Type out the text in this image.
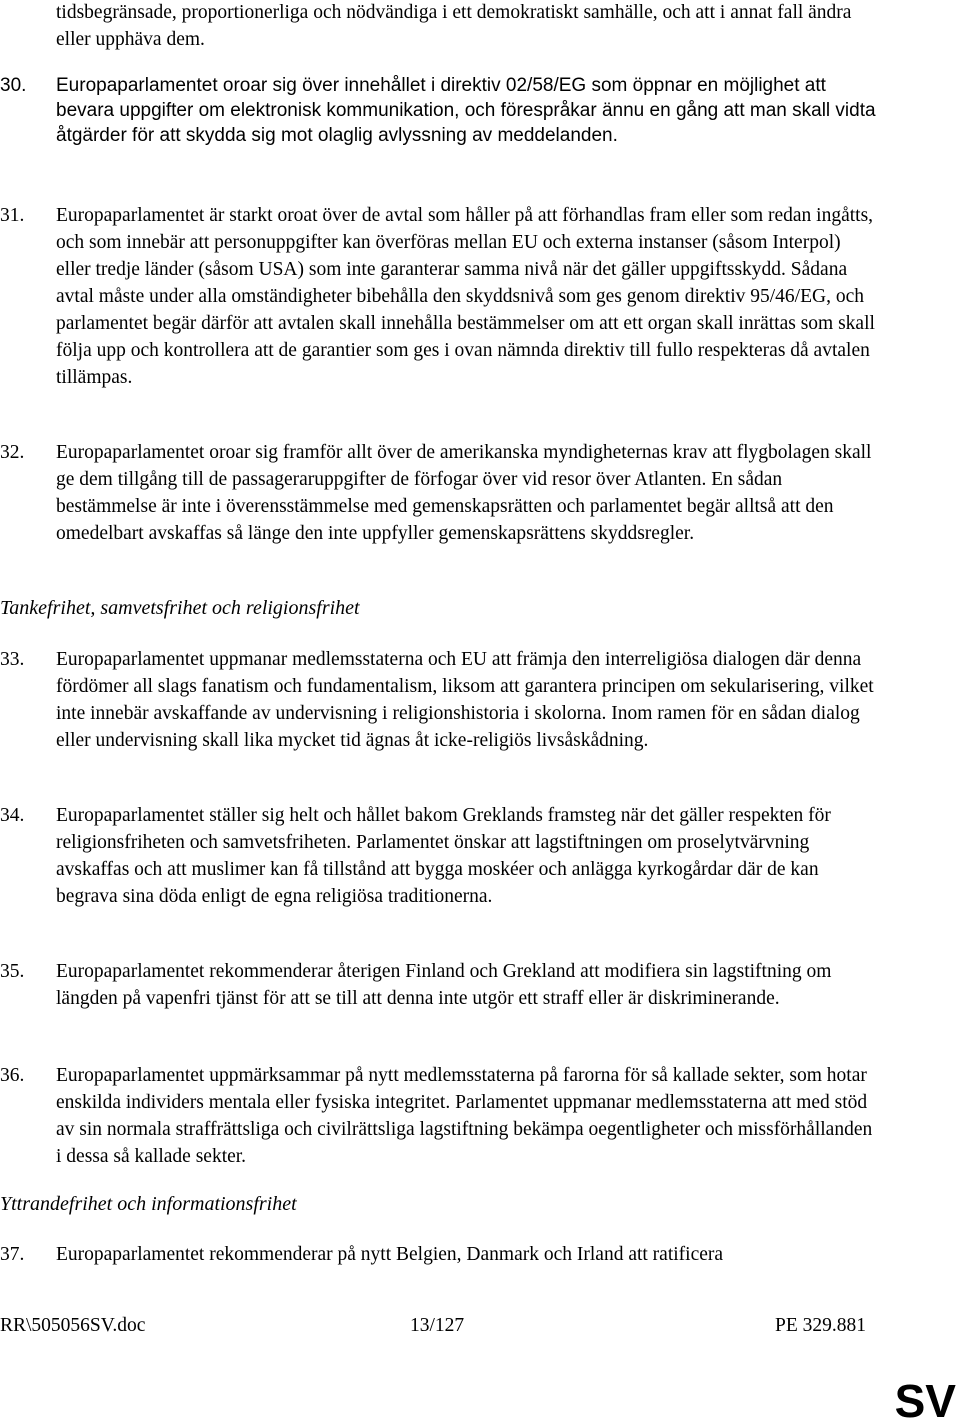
tidsbegränsade, proportionerliga och nödvändiga i ett demokratiskt samhälle, och att i annat fall ändra eller upphäva dem.
30. Europaparlamentet oroar sig över innehållet i direktiv 02/58/EG som öppnar en möjlighet att bevara uppgifter om elektronisk kommunikation, och förespråkar ännu en gång att man skall vidta åtgärder för att skydda sig mot olaglig avlyssning av meddelanden.
31. Europaparlamentet är starkt oroat över de avtal som håller på att förhandlas fram eller som redan ingåtts, och som innebär att personuppgifter kan överföras mellan EU och externa instanser (såsom Interpol) eller tredje länder (såsom USA) som inte garanterar samma nivå när det gäller uppgiftsskydd. Sådana avtal måste under alla omständigheter bibehålla den skyddsnivå som ges genom direktiv 95/46/EG, och parlamentet begär därför att avtalen skall innehålla bestämmelser om att ett organ skall inrättas som skall följa upp och kontrollera att de garantier som ges i ovan nämnda direktiv till fullo respekteras då avtalen tillämpas.
32. Europaparlamentet oroar sig framför allt över de amerikanska myndigheternas krav att flygbolagen skall ge dem tillgång till de passageraruppgifter de förfogar över vid resor över Atlanten. En sådan bestämmelse är inte i överensstämmelse med gemenskapsrätten och parlamentet begär alltså att den omedelbart avskaffas så länge den inte uppfyller gemenskapsrättens skyddsregler.
Tankefrihet, samvetsfrihet och religionsfrihet
33. Europaparlamentet uppmanar medlemsstaterna och EU att främja den interreligiösa dialogen där denna fördömer all slags fanatism och fundamentalism, liksom att garantera principen om sekularisering, vilket inte innebär avskaffande av undervisning i religionshistoria i skolorna. Inom ramen för en sådan dialog eller undervisning skall lika mycket tid ägnas åt icke-religiös livsåskådning.
34. Europaparlamentet ställer sig helt och hållet bakom Greklands framsteg när det gäller respekten för religionsfriheten och samvetsfriheten. Parlamentet önskar att lagstiftningen om proselytvärvning avskaffas och att muslimer kan få tillstånd att bygga moskéer och anlägga kyrkogårdar där de kan begrava sina döda enligt de egna religiösa traditionerna.
35. Europaparlamentet rekommenderar återigen Finland och Grekland att modifiera sin lagstiftning om längden på vapenfri tjänst för att se till att denna inte utgör ett straff eller är diskriminerande.
36. Europaparlamentet uppmärksammar på nytt medlemsstaterna på farorna för så kallade sekter, som hotar enskilda individers mentala eller fysiska integritet. Parlamentet uppmanar medlemsstaterna att med stöd av sin normala straffrättsliga och civilrättsliga lagstiftning bekämpa oegentligheter och missförhållanden i dessa så kallade sekter.
Yttrandefrihet och informationsfrihet
37. Europaparlamentet rekommenderar på nytt Belgien, Danmark och Irland att ratificera
RR\505056SV.doc	13/127	PE 329.881
SV
